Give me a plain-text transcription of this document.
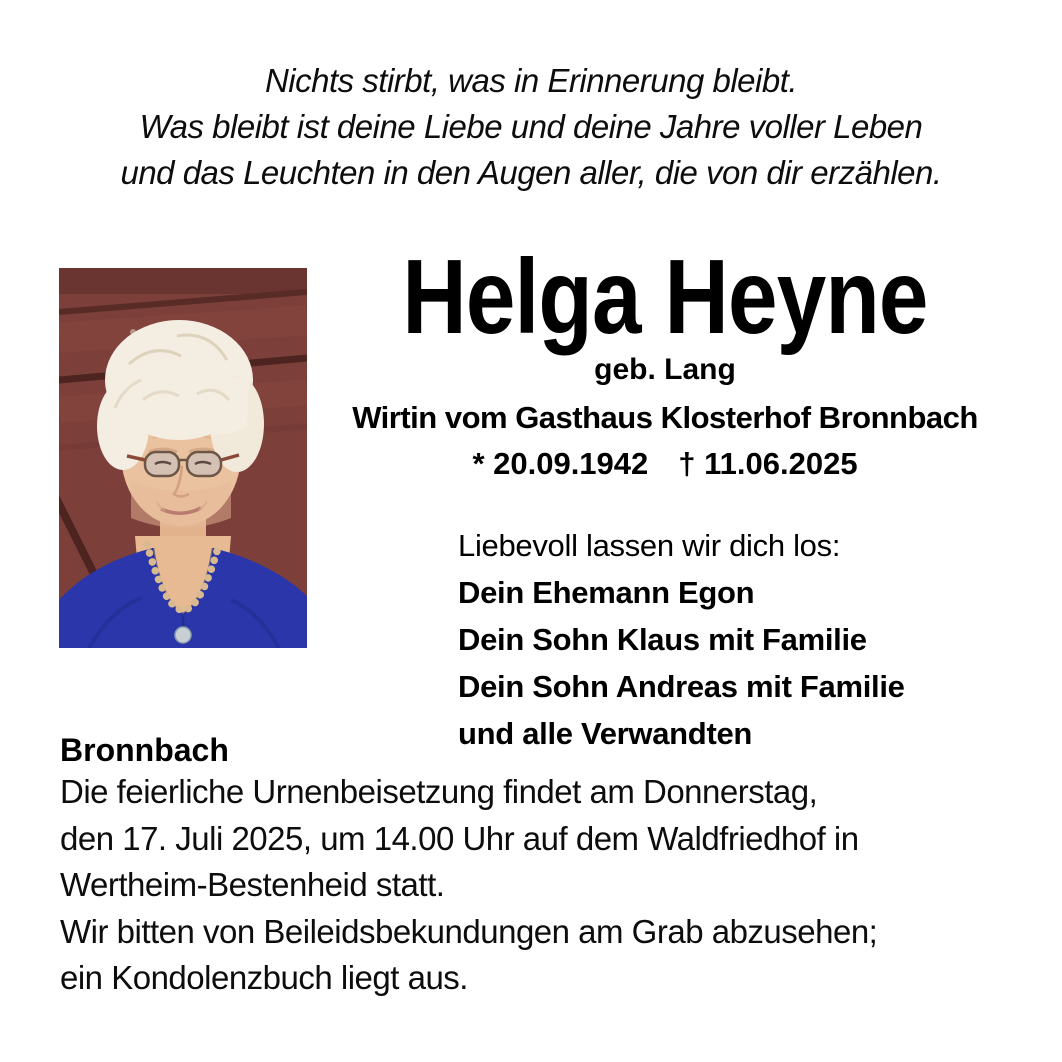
Nichts stirbt, was in Erinnerung bleibt.
Was bleibt ist deine Liebe und deine Jahre voller Leben
und das Leuchten in den Augen aller, die von dir erzählen.
Helga Heyne
geb. Lang
Wirtin vom Gasthaus Klosterhof Bronnbach
* 20.09.1942 † 11.06.2025
Liebevoll lassen wir dich los:
Dein Ehemann Egon
Dein Sohn Klaus mit Familie
Dein Sohn Andreas mit Familie
und alle Verwandten
Bronnbach
Die feierliche Urnenbeisetzung findet am Donnerstag,
den 17. Juli 2025, um 14.00 Uhr auf dem Waldfriedhof in
Wertheim-Bestenheid statt.
Wir bitten von Beileidsbekundungen am Grab abzusehen;
ein Kondolenzbuch liegt aus.
